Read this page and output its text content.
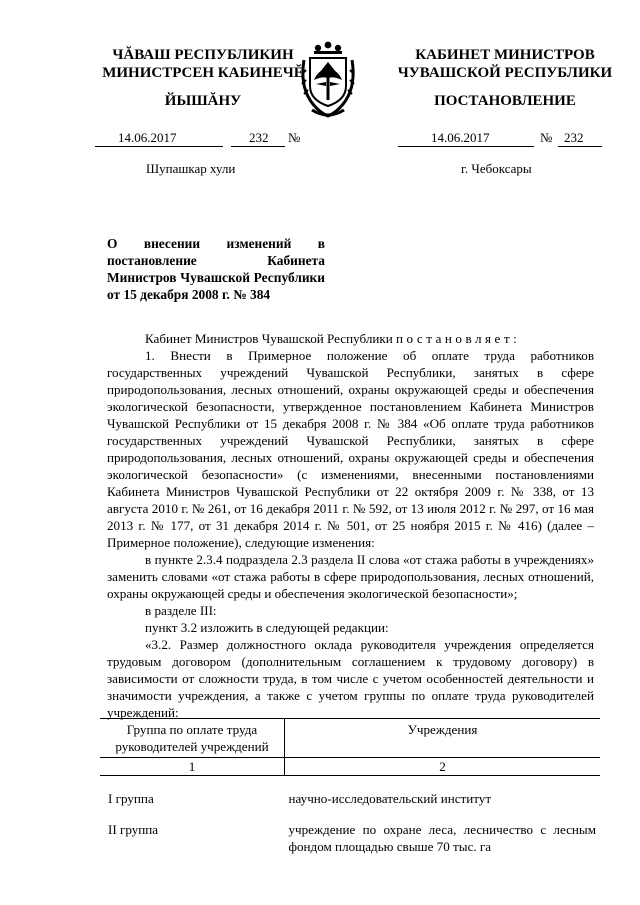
ЧĂВАШ РЕСПУБЛИКИН
МИНИСТРСЕН КАБИНЕЧĔ
ЙЫШĂНУ
КАБИНЕТ МИНИСТРОВ
ЧУВАШСКОЙ РЕСПУБЛИКИ
ПОСТАНОВЛЕНИЕ
14.06.2017	232 №	14.06.2017	№ 232
Шупашкар хули	г. Чебоксары
О внесении изменений в постановление Кабинета Министров Чувашской Республики от 15 декабря 2008 г. № 384

Кабинет Министров Чувашской Республики постановляет:

1. Внести в Примерное положение об оплате труда работников государственных учреждений Чувашской Республики, занятых в сфере природопользования, лесных отношений, охраны окружающей среды и обеспечения экологической безопасности, утвержденное постановлением Кабинета Министров Чувашской Республики от 15 декабря 2008 г. № 384 «Об оплате труда работников государственных учреждений Чувашской Республики, занятых в сфере природопользования, лесных отношений, охраны окружающей среды и обеспечения экологической безопасности» (с изменениями, внесенными постановлениями Кабинета Министров Чувашской Республики от 22 октября 2009 г. № 338, от 13 августа 2010 г. № 261, от 16 декабря 2011 г. № 592, от 13 июля 2012 г. № 297, от 16 мая 2013 г. № 177, от 31 декабря 2014 г. № 501, от 25 ноября 2015 г. № 416) (далее – Примерное положение), следующие изменения:

в пункте 2.3.4 подраздела 2.3 раздела II слова «от стажа работы в учреждениях» заменить словами «от стажа работы в сфере природопользования, лесных отношений, охраны окружающей среды и обеспечения экологической безопасности»;

в разделе III:

пункт 3.2 изложить в следующей редакции:

«3.2. Размер должностного оклада руководителя учреждения определяется трудовым договором (дополнительным соглашением к трудовому договору) в зависимости от сложности труда, в том числе с учетом особенностей деятельности и значимости учреждения, а также с учетом группы по оплате труда руководителей учреждений:

Группа по оплате труда руководителей учреждений	Учреждения
1	2
I группа	научно-исследовательский институт
II группа	учреждение по охране леса, лесничество с лесным фондом площадью свыше 70 тыс. га
